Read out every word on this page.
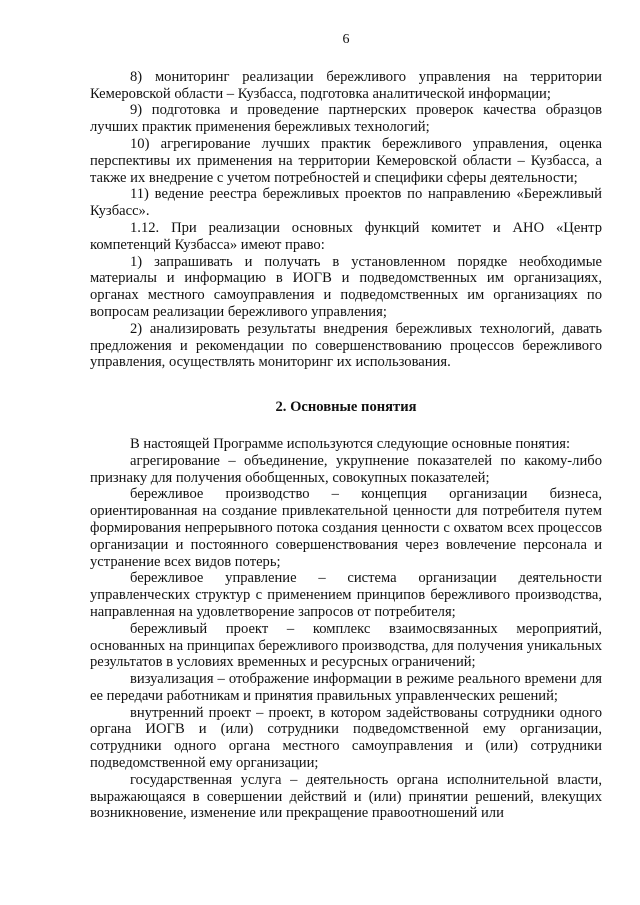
6

8) мониторинг реализации бережливого управления на территории Кемеровской области – Кузбасса, подготовка аналитической информации;

9) подготовка и проведение партнерских проверок качества образцов лучших практик применения бережливых технологий;

10) агрегирование лучших практик бережливого управления, оценка перспективы их применения на территории Кемеровской области – Кузбасса, а также их внедрение с учетом потребностей и специфики сферы деятельности;

11) ведение реестра бережливых проектов по направлению «Бережливый Кузбасс».

1.12. При реализации основных функций комитет и АНО «Центр компетенций Кузбасса» имеют право:

1) запрашивать и получать в установленном порядке необходимые материалы и информацию в ИОГВ и подведомственных им организациях, органах местного самоуправления и подведомственных им организациях по вопросам реализации бережливого управления;

2) анализировать результаты внедрения бережливых технологий, давать предложения и рекомендации по совершенствованию процессов бережливого управления, осуществлять мониторинг их использования.

2. Основные понятия

В настоящей Программе используются следующие основные понятия:

агрегирование – объединение, укрупнение показателей по какому-либо признаку для получения обобщенных, совокупных показателей;

бережливое производство – концепция организации бизнеса, ориентированная на создание привлекательной ценности для потребителя путем формирования непрерывного потока создания ценности с охватом всех процессов организации и постоянного совершенствования через вовлечение персонала и устранение всех видов потерь;

бережливое управление – система организации деятельности управленческих структур с применением принципов бережливого производства, направленная на удовлетворение запросов от потребителя;

бережливый проект – комплекс взаимосвязанных мероприятий, основанных на принципах бережливого производства, для получения уникальных результатов в условиях временных и ресурсных ограничений;

визуализация – отображение информации в режиме реального времени для ее передачи работникам и принятия правильных управленческих решений;

внутренний проект – проект, в котором задействованы сотрудники одного органа ИОГВ и (или) сотрудники подведомственной ему организации, сотрудники одного органа местного самоуправления и (или) сотрудники подведомственной ему организации;

государственная услуга – деятельность органа исполнительной власти, выражающаяся в совершении действий и (или) принятии решений, влекущих возникновение, изменение или прекращение правоотношений или
